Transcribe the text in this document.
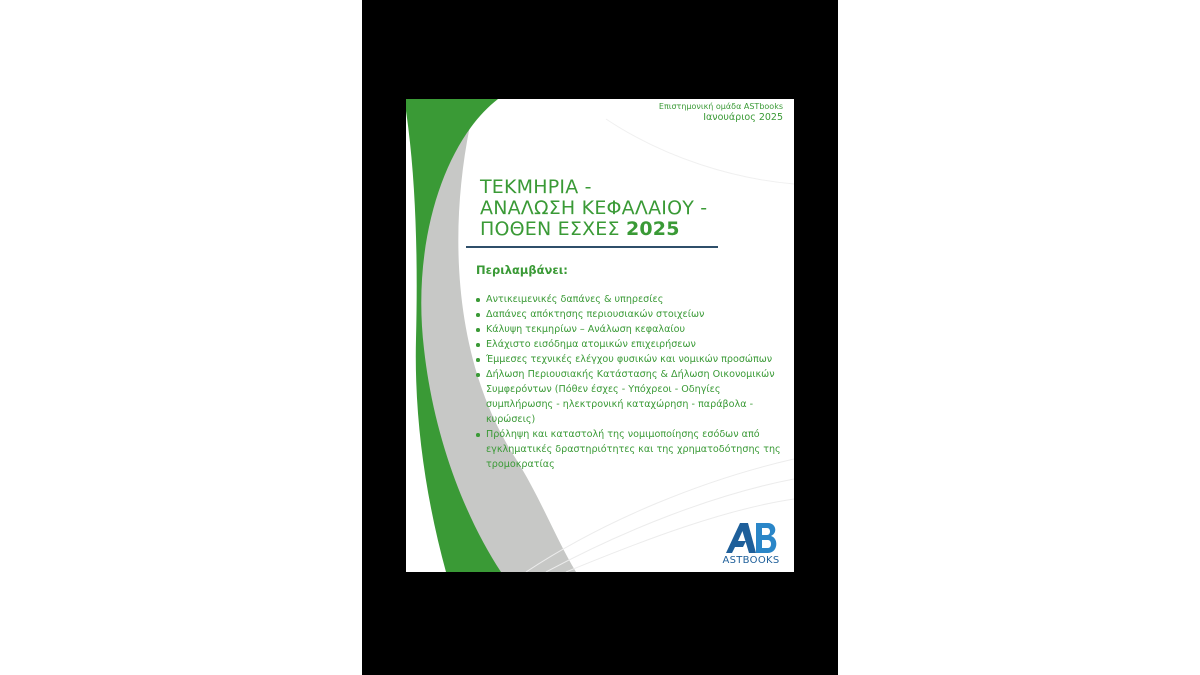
Επιστημονική ομάδα ASTbooks
Ιανουάριος 2025
ΤΕΚΜΗΡΙΑ -
ΑΝΑΛΩΣΗ ΚΕΦΑΛΑΙΟΥ -
ΠΟΘΕΝ ΕΣΧΕΣ 2025
Περιλαμβάνει:
Αντικειμενικές δαπάνες & υπηρεσίες
Δαπάνες απόκτησης περιουσιακών στοιχείων
Κάλυψη τεκμηρίων – Ανάλωση κεφαλαίου
Ελάχιστο εισόδημα ατομικών επιχειρήσεων
Έμμεσες τεχνικές ελέγχου φυσικών και νομικών προσώπων
Δήλωση Περιουσιακής Κατάστασης & Δήλωση Οικονομικών Συμφερόντων (Πόθεν έσχες - Υπόχρεοι - Οδηγίες συμπλήρωσης - ηλεκτρονική καταχώρηση - παράβολα - κυρώσεις)
Πρόληψη και καταστολή της νομιμοποίησης εσόδων από εγκληματικές δραστηριότητες και της χρηματοδότησης της τρομοκρατίας
ASTBOOKS
